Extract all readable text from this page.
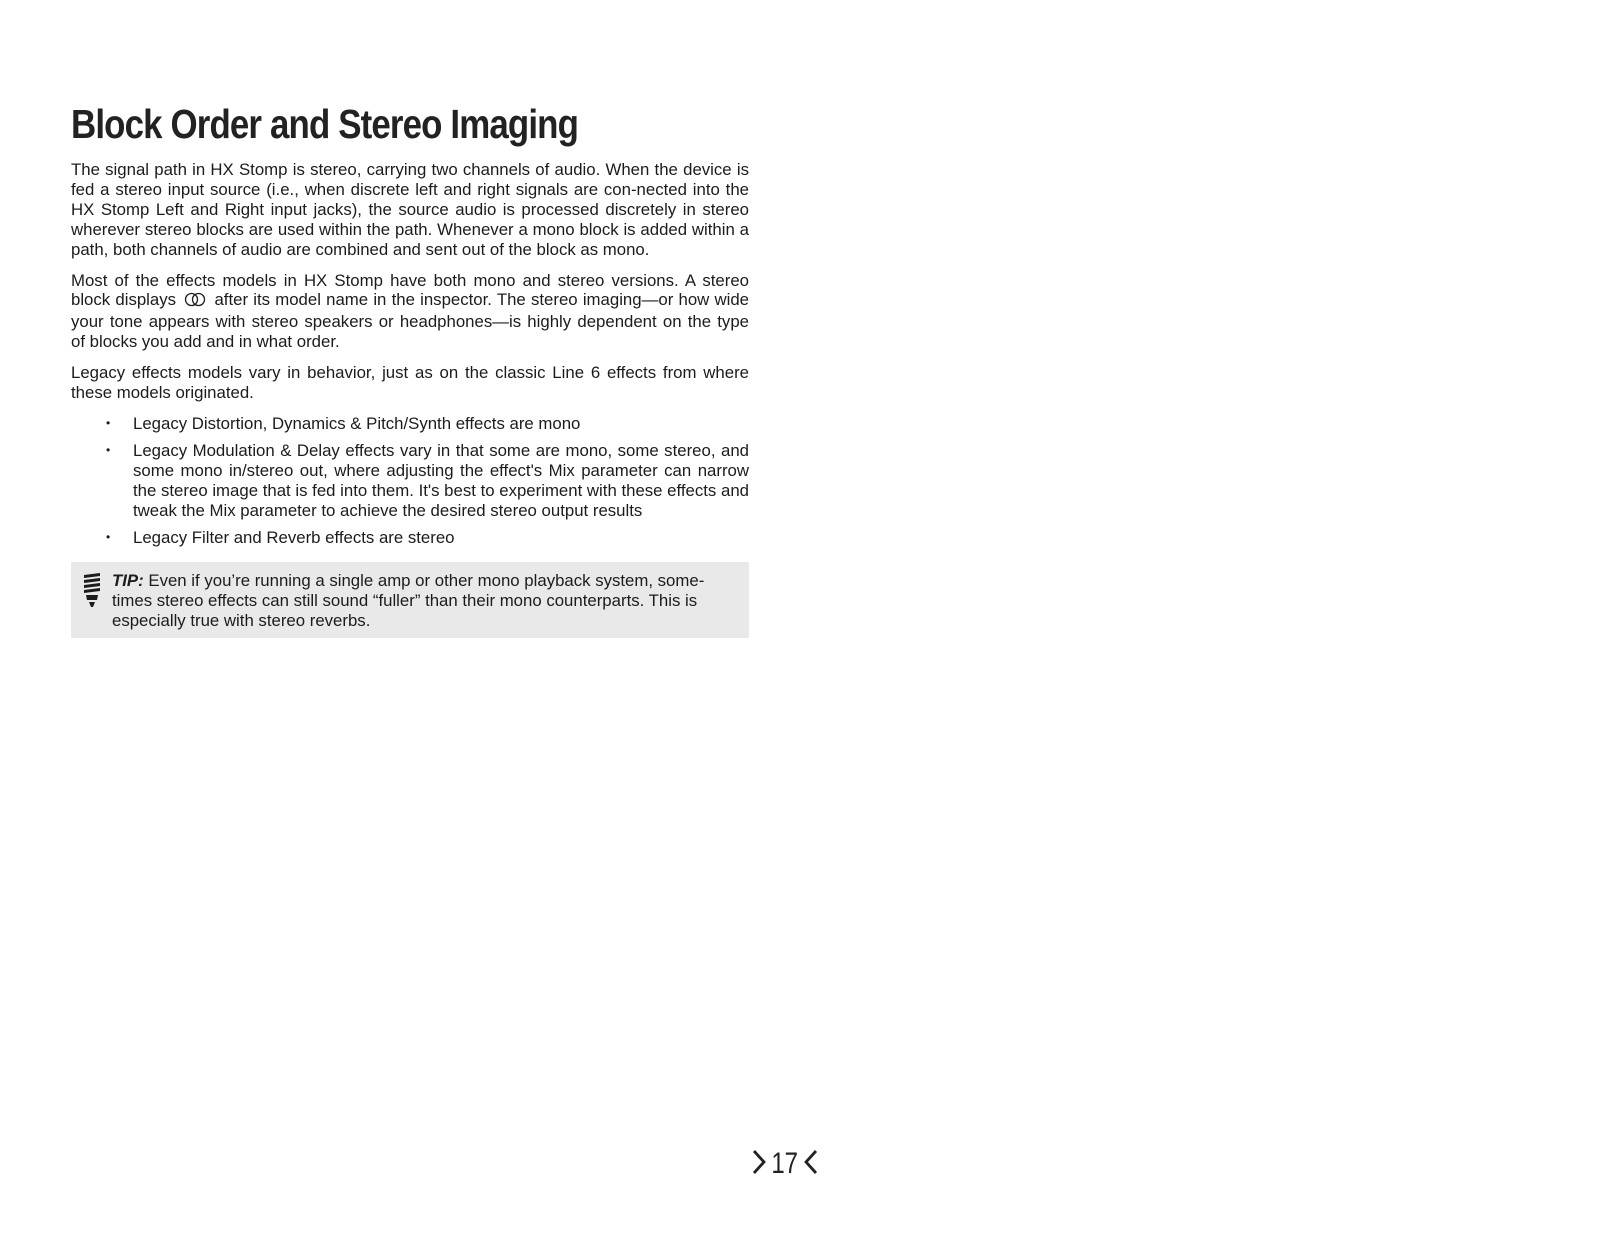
Block Order and Stereo Imaging

The signal path in HX Stomp is stereo, carrying two channels of audio. When the device is fed a stereo input source (i.e., when discrete left and right signals are con-nected into the HX Stomp Left and Right input jacks), the source audio is processed discretely in stereo wherever stereo blocks are used within the path. Whenever a mono block is added within a path, both channels of audio are combined and sent out of the block as mono.

Most of the effects models in HX Stomp have both mono and stereo versions. A stereo block displays after its model name in the inspector. The stereo imaging—or how wide your tone appears with stereo speakers or headphones—is highly dependent on the type of blocks you add and in what order.

Legacy effects models vary in behavior, just as on the classic Line 6 effects from where these models originated.

• Legacy Distortion, Dynamics & Pitch/Synth effects are mono
• Legacy Modulation & Delay effects vary in that some are mono, some stereo, and some mono in/stereo out, where adjusting the effect's Mix parameter can narrow the stereo image that is fed into them. It's best to experiment with these effects and tweak the Mix parameter to achieve the desired stereo output results
• Legacy Filter and Reverb effects are stereo
TIP: Even if you’re running a single amp or other mono playback system, some-times stereo effects can still sound “fuller” than their mono counterparts. This is especially true with stereo reverbs.
17
